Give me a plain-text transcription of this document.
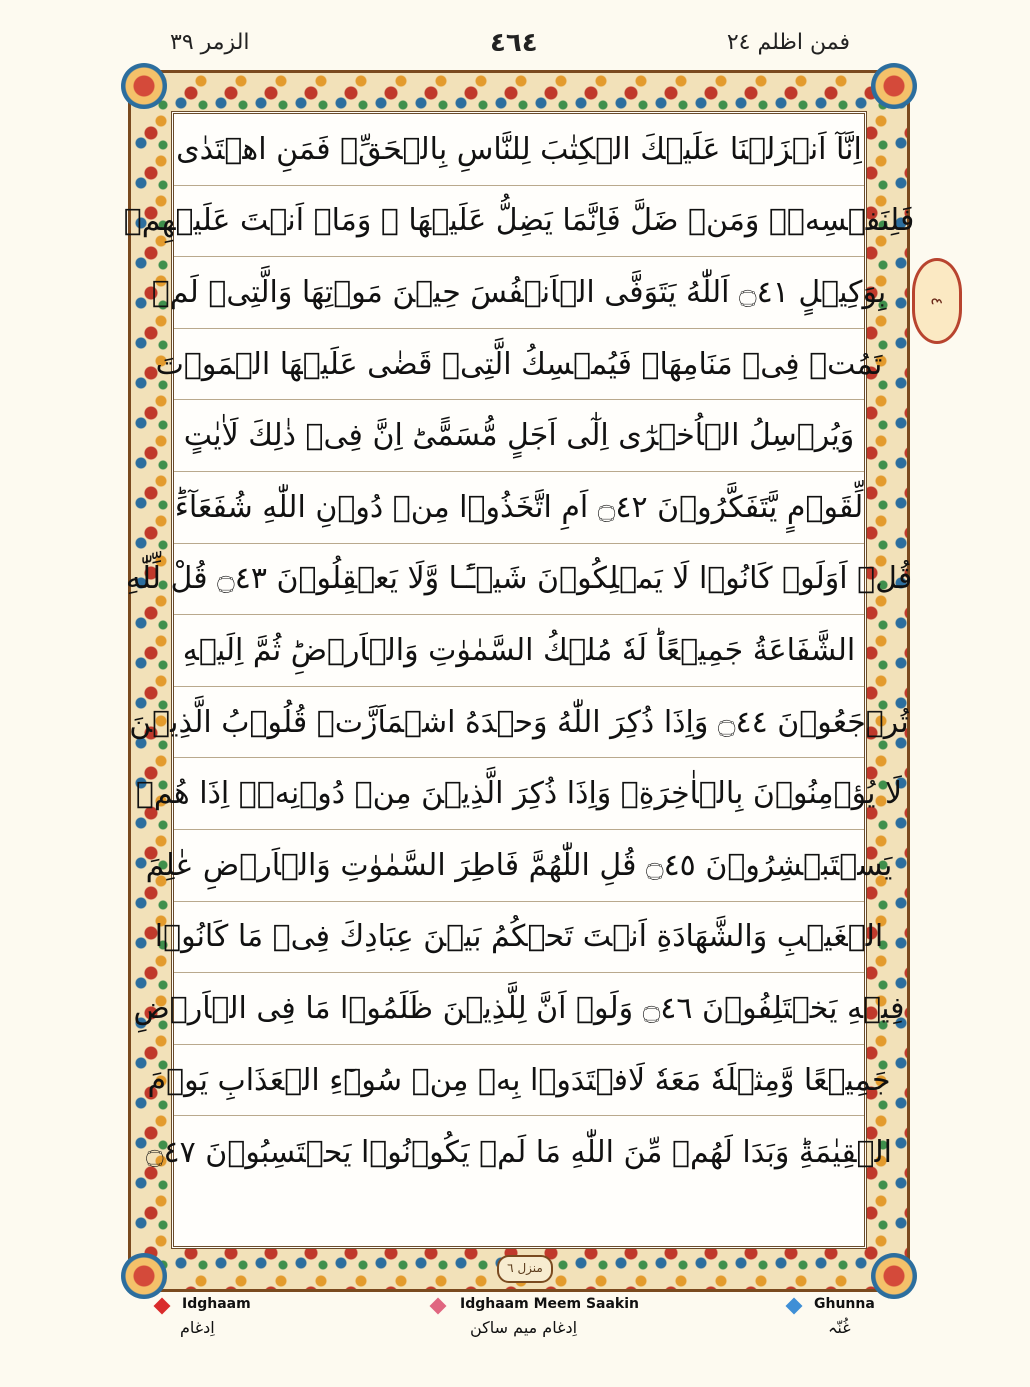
الزمر ٣٩	٤٦٤	فمن اظلم ٢٤
اِنَّآ اَنۡزَلۡنَا عَلَيۡكَ الۡكِتٰبَ لِلنَّاسِ بِالۡحَقِّ‌ۚ فَمَنِ اهۡتَدٰى
فَلِنَفۡسِهٖ‌ۚ وَمَنۡ ضَلَّ فَاِنَّمَا يَضِلُّ عَلَيۡهَا‌ ۚ وَمَاۤ اَنۡتَ عَلَيۡهِمۡ
بِوَكِيۡلٍ ۝٤١ اَللّٰهُ يَتَوَفَّى الۡاَنۡفُسَ حِيۡنَ مَوۡتِهَا وَالَّتِىۡ لَمۡ
تَمُتۡ فِىۡ مَنَامِهَا‌ۚ فَيُمۡسِكُ الَّتِىۡ قَضٰى عَلَيۡهَا الۡمَوۡتَ
وَيُرۡسِلُ الۡاُخۡرٰٓى اِلٰٓى اَجَلٍ مُّسَمًّى‌ؕ اِنَّ فِىۡ ذٰلِكَ لَاٰيٰتٍ
لِّقَوۡمٍ يَّتَفَكَّرُوۡنَ ۝٤٢ اَمِ اتَّخَذُوۡا مِنۡ دُوۡنِ اللّٰهِ شُفَعَآءَ‌ؕ
قُلۡ اَوَلَوۡ كَانُوۡا لَا يَمۡلِكُوۡنَ شَيۡـًٔـا وَّلَا يَعۡقِلُوۡنَ ۝٤٣ قُلْ لِّلّٰهِ
الشَّفَاعَةُ جَمِيۡعًا‌ؕ لَهٗ مُلۡكُ السَّمٰوٰتِ وَالۡاَرۡضِ‌ؕ ثُمَّ اِلَيۡهِ
تُرۡجَعُوۡنَ ۝٤٤ وَاِذَا ذُكِرَ اللّٰهُ وَحۡدَهُ اشۡمَاَزَّتۡ قُلُوۡبُ الَّذِيۡنَ
لَا يُؤۡمِنُوۡنَ بِالۡاٰخِرَةِ‌ۚ وَاِذَا ذُكِرَ الَّذِيۡنَ مِنۡ دُوۡنِهٖۤ اِذَا هُمۡ
يَسۡتَبۡشِرُوۡنَ ۝٤٥ قُلِ اللّٰهُمَّ فَاطِرَ السَّمٰوٰتِ وَالۡاَرۡضِ عٰلِمَ
الۡغَيۡبِ وَالشَّهَادَةِ اَنۡتَ تَحۡكُمُ بَيۡنَ عِبَادِكَ فِىۡ مَا كَانُوۡا
فِيۡهِ يَخۡتَلِفُوۡنَ ۝٤٦ وَلَوۡ اَنَّ لِلَّذِيۡنَ ظَلَمُوۡا مَا فِى الۡاَرۡضِ
جَمِيۡعًا وَّمِثۡلَهٗ مَعَهٗ لَافۡتَدَوۡا بِهٖ مِنۡ سُوۡٓءِ الۡعَذَابِ يَوۡمَ
الۡقِيٰمَةِ‌ؕ وَبَدَا لَهُمۡ مِّنَ اللّٰهِ مَا لَمۡ يَكُوۡنُوۡا يَحۡتَسِبُوۡنَ ۝٤٧
منزل ٦
٤
Idghaam
اِدغام
Idghaam Meem Saakin
اِدغام میم ساکن
Ghunna
غُنّہ
